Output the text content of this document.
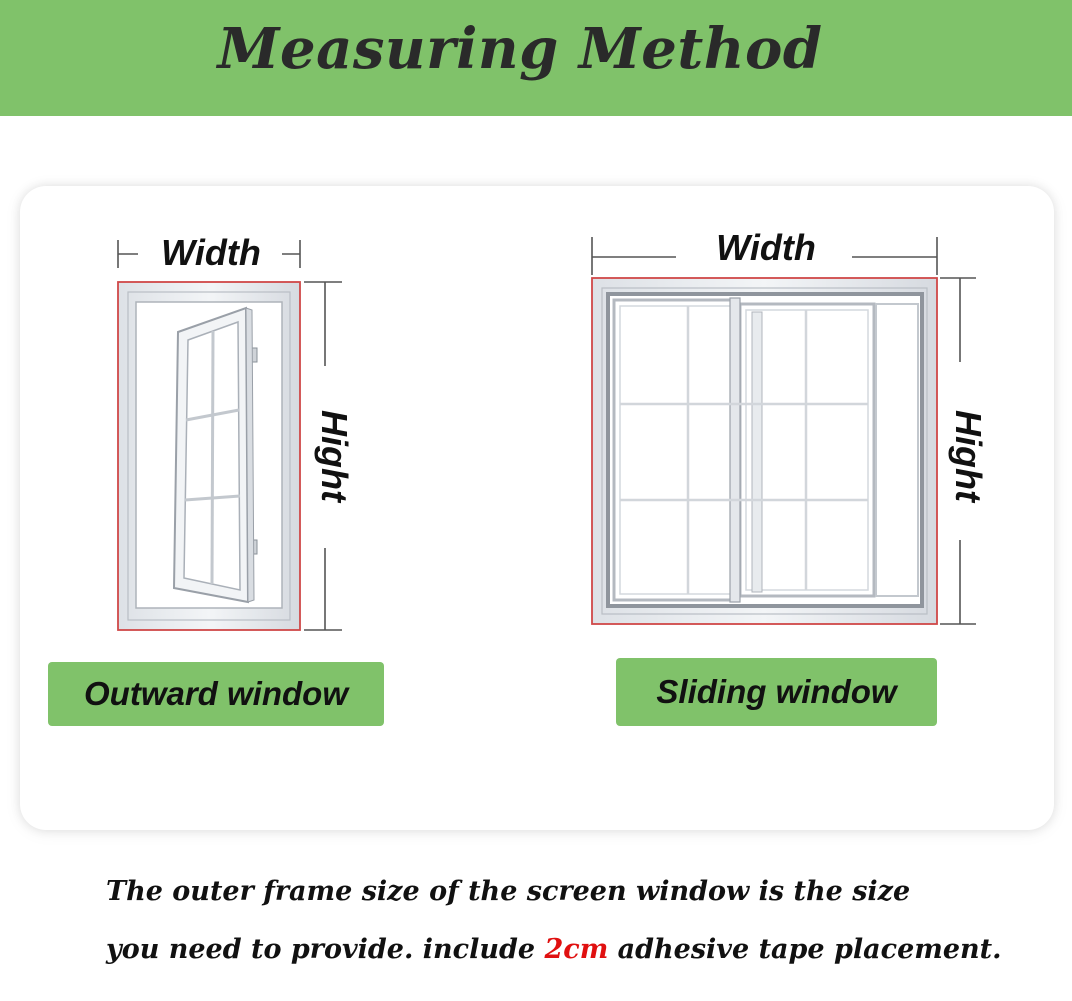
Measuring Method
Width
Hight
Width
Hight
Outward window	Sliding window
The outer frame size of the screen window is the size
you need to provide. include 2cm adhesive tape placement.
